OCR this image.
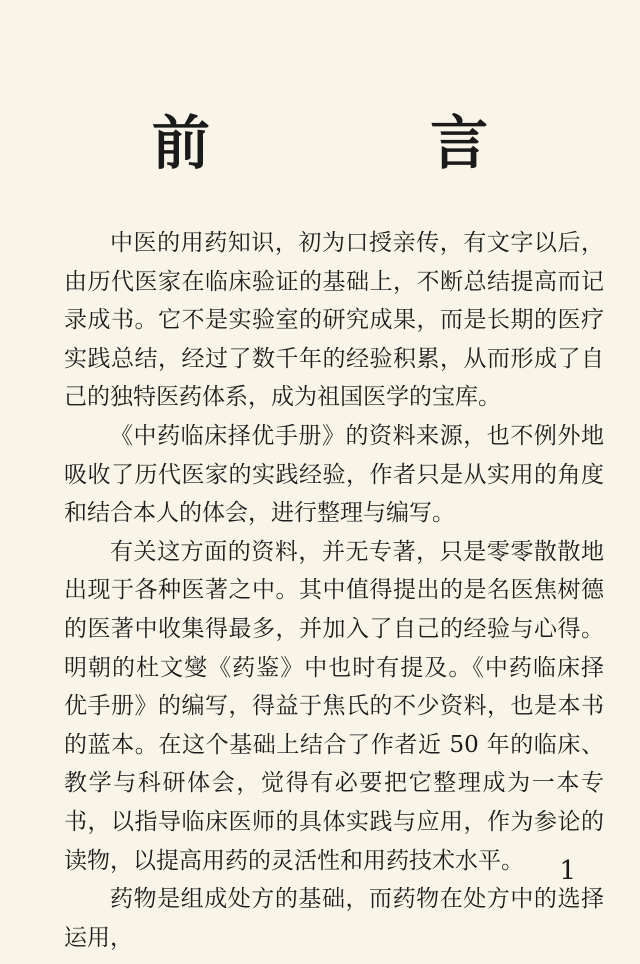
前 言

中医的用药知识，初为口授亲传，有文字以后，由历代医家在临床验证的基础上，不断总结提高而记录成书。它不是实验室的研究成果，而是长期的医疗实践总结，经过了数千年的经验积累，从而形成了自己的独特医药体系，成为祖国医学的宝库。

《中药临床择优手册》的资料来源，也不例外地吸收了历代医家的实践经验，作者只是从实用的角度和结合本人的体会，进行整理与编写。

有关这方面的资料，并无专著，只是零零散散地出现于各种医著之中。其中值得提出的是名医焦树德的医著中收集得最多，并加入了自己的经验与心得。明朝的杜文燮《药鉴》中也时有提及。《中药临床择优手册》的编写，得益于焦氏的不少资料，也是本书的蓝本。在这个基础上结合了作者近 50 年的临床、教学与科研体会，觉得有必要把它整理成为一本专书，以指导临床医师的具体实践与应用，作为参论的读物，以提高用药的灵活性和用药技术水平。

药物是组成处方的基础，而药物在处方中的选择运用，

1
